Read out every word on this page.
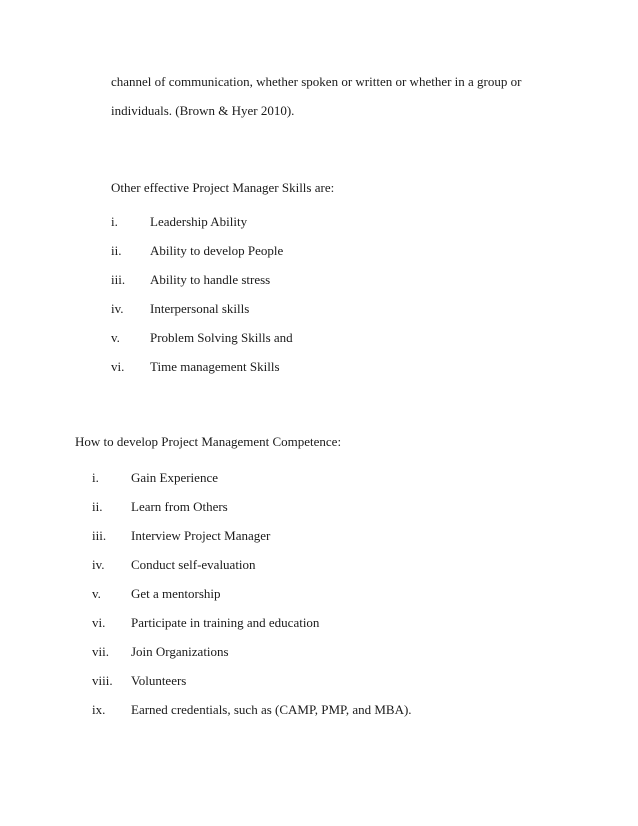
channel of communication, whether spoken or written or whether in a group or
individuals. (Brown & Hyer 2010).
Other effective Project Manager Skills are:
i. Leadership Ability
ii. Ability to develop People
iii. Ability to handle stress
iv. Interpersonal skills
v. Problem Solving Skills and
vi. Time management Skills
How to develop Project Management Competence:
i. Gain Experience
ii. Learn from Others
iii. Interview Project Manager
iv. Conduct self-evaluation
v. Get a mentorship
vi. Participate in training and education
vii. Join Organizations
viii. Volunteers
ix. Earned credentials, such as (CAMP, PMP, and MBA).
